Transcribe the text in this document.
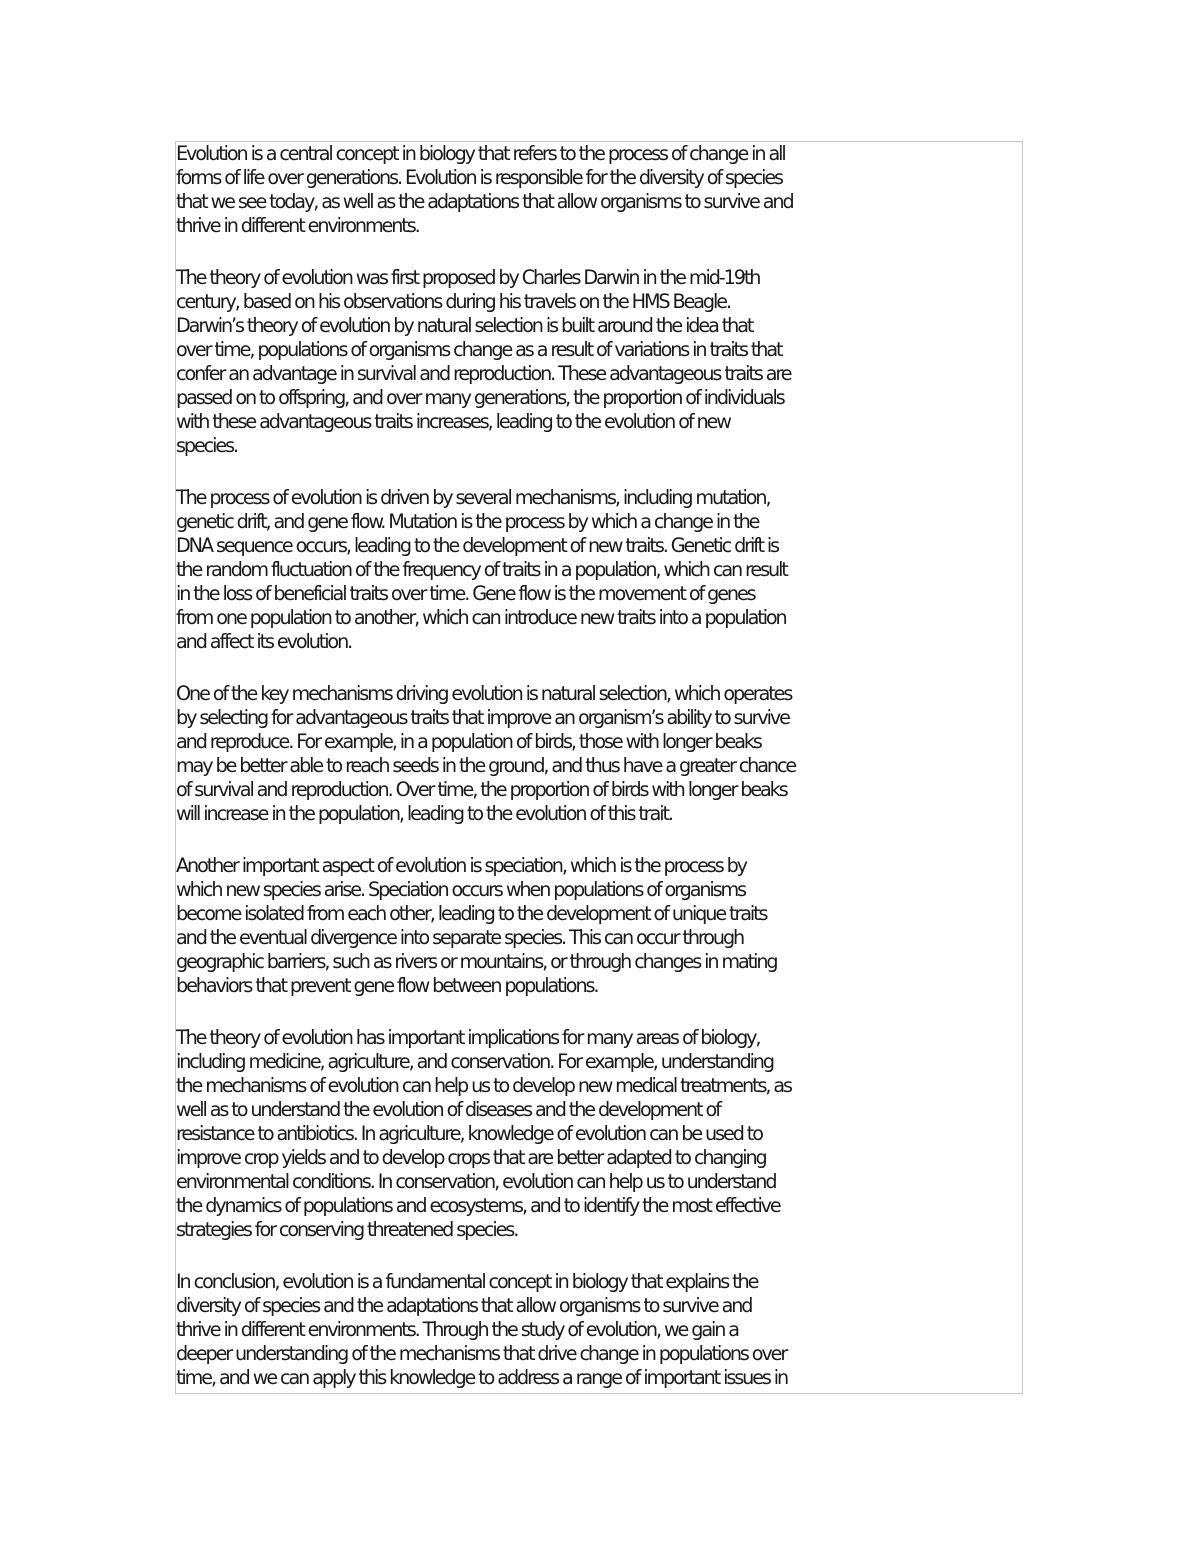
Evolution is a central concept in biology that refers to the process of change in all
forms of life over generations. Evolution is responsible for the diversity of species
that we see today, as well as the adaptations that allow organisms to survive and
thrive in different environments.
The theory of evolution was first proposed by Charles Darwin in the mid-19th
century, based on his observations during his travels on the HMS Beagle.
Darwin’s theory of evolution by natural selection is built around the idea that
over time, populations of organisms change as a result of variations in traits that
confer an advantage in survival and reproduction. These advantageous traits are
passed on to offspring, and over many generations, the proportion of individuals
with these advantageous traits increases, leading to the evolution of new
species.
The process of evolution is driven by several mechanisms, including mutation,
genetic drift, and gene flow. Mutation is the process by which a change in the
DNA sequence occurs, leading to the development of new traits. Genetic drift is
the random fluctuation of the frequency of traits in a population, which can result
in the loss of beneficial traits over time. Gene flow is the movement of genes
from one population to another, which can introduce new traits into a population
and affect its evolution.
One of the key mechanisms driving evolution is natural selection, which operates
by selecting for advantageous traits that improve an organism’s ability to survive
and reproduce. For example, in a population of birds, those with longer beaks
may be better able to reach seeds in the ground, and thus have a greater chance
of survival and reproduction. Over time, the proportion of birds with longer beaks
will increase in the population, leading to the evolution of this trait.
Another important aspect of evolution is speciation, which is the process by
which new species arise. Speciation occurs when populations of organisms
become isolated from each other, leading to the development of unique traits
and the eventual divergence into separate species. This can occur through
geographic barriers, such as rivers or mountains, or through changes in mating
behaviors that prevent gene flow between populations.
The theory of evolution has important implications for many areas of biology,
including medicine, agriculture, and conservation. For example, understanding
the mechanisms of evolution can help us to develop new medical treatments, as
well as to understand the evolution of diseases and the development of
resistance to antibiotics. In agriculture, knowledge of evolution can be used to
improve crop yields and to develop crops that are better adapted to changing
environmental conditions. In conservation, evolution can help us to understand
the dynamics of populations and ecosystems, and to identify the most effective
strategies for conserving threatened species.
In conclusion, evolution is a fundamental concept in biology that explains the
diversity of species and the adaptations that allow organisms to survive and
thrive in different environments. Through the study of evolution, we gain a
deeper understanding of the mechanisms that drive change in populations over
time, and we can apply this knowledge to address a range of important issues in
